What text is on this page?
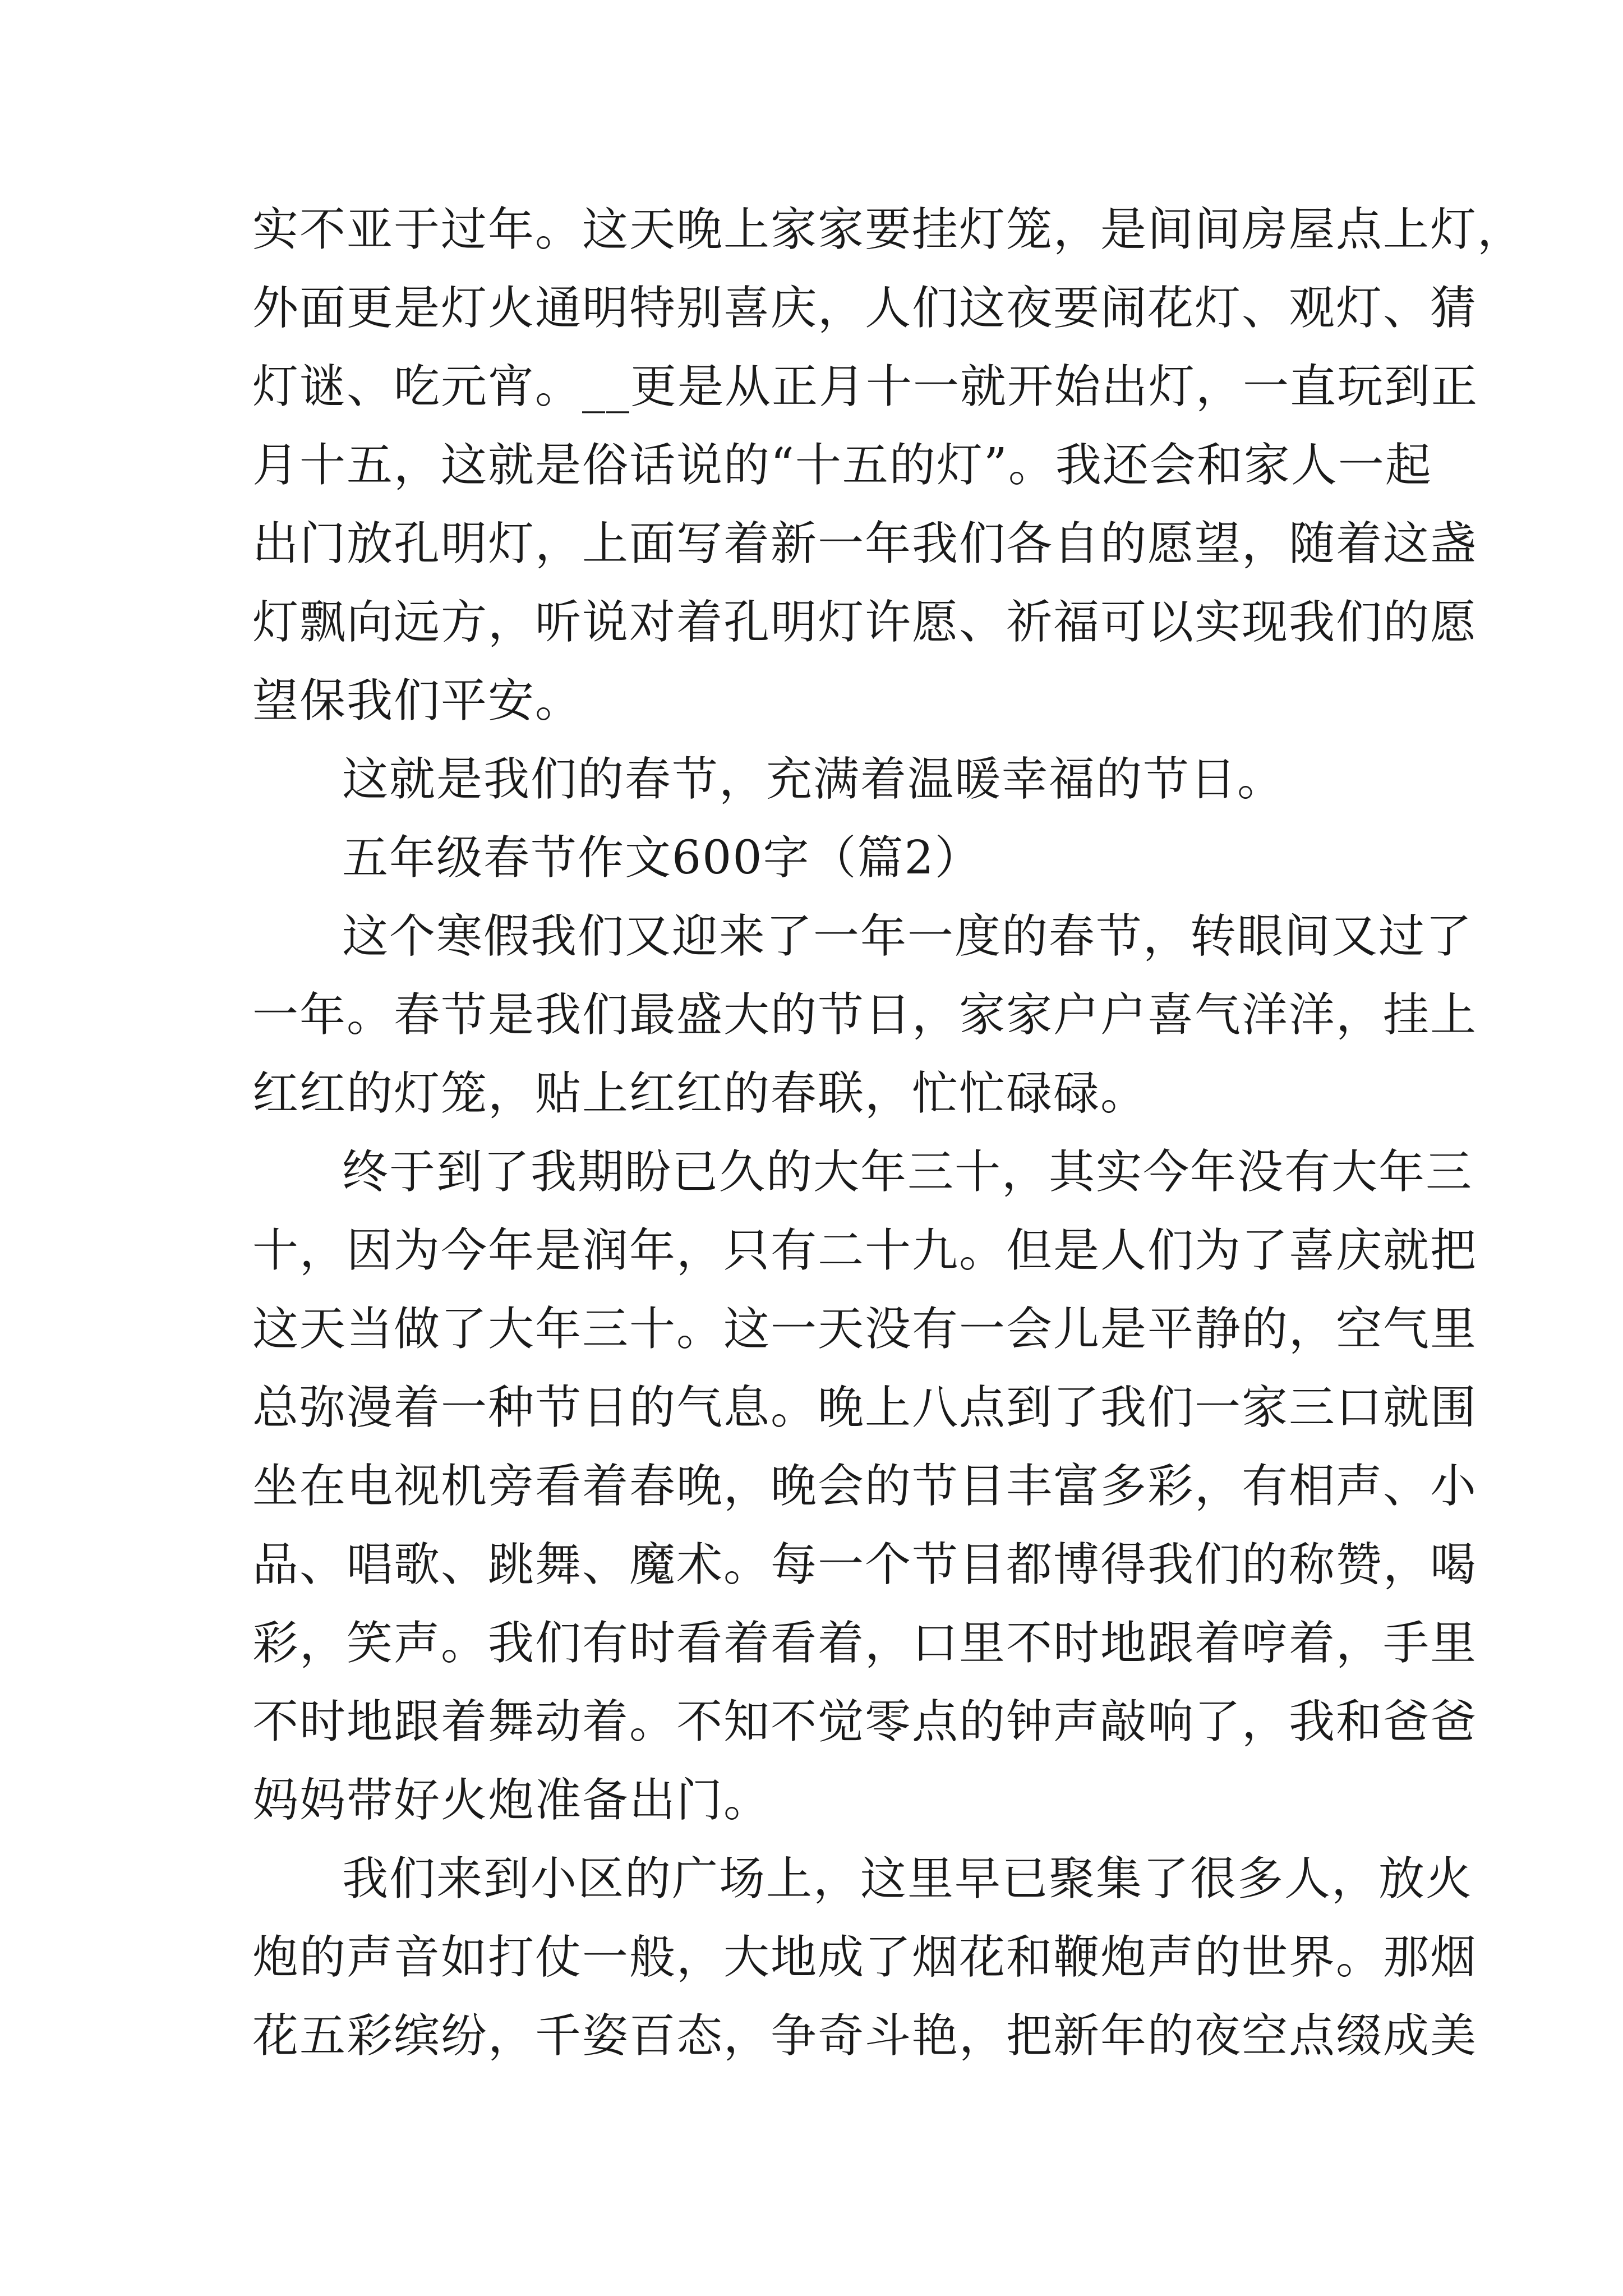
实不亚于过年。这天晚上家家要挂灯笼，是间间房屋点上灯，
外面更是灯火通明特别喜庆，人们这夜要闹花灯、观灯、猜
灯谜、吃元宵。__更是从正月十一就开始出灯，一直玩到正
月十五，这就是俗话说的“十五的灯”。我还会和家人一起
出门放孔明灯，上面写着新一年我们各自的愿望，随着这盏
灯飘向远方，听说对着孔明灯许愿、祈福可以实现我们的愿
望保我们平安。
这就是我们的春节，充满着温暖幸福的节日。
五年级春节作文600字（篇2）
这个寒假我们又迎来了一年一度的春节，转眼间又过了
一年。春节是我们最盛大的节日，家家户户喜气洋洋，挂上
红红的灯笼，贴上红红的春联，忙忙碌碌。
终于到了我期盼已久的大年三十，其实今年没有大年三
十，因为今年是润年，只有二十九。但是人们为了喜庆就把
这天当做了大年三十。这一天没有一会儿是平静的，空气里
总弥漫着一种节日的气息。晚上八点到了我们一家三口就围
坐在电视机旁看着春晚，晚会的节目丰富多彩，有相声、小
品、唱歌、跳舞、魔术。每一个节目都博得我们的称赞，喝
彩，笑声。我们有时看着看着，口里不时地跟着哼着，手里
不时地跟着舞动着。不知不觉零点的钟声敲响了，我和爸爸
妈妈带好火炮准备出门。
我们来到小区的广场上，这里早已聚集了很多人，放火
炮的声音如打仗一般，大地成了烟花和鞭炮声的世界。那烟
花五彩缤纷，千姿百态，争奇斗艳，把新年的夜空点缀成美
